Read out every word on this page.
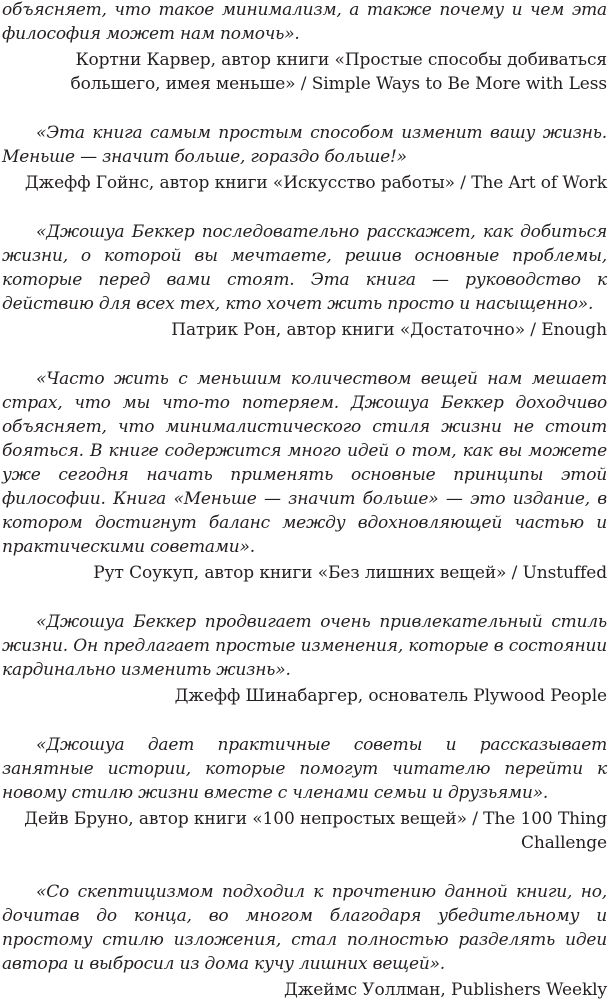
объясняет, что такое минимализм, а также почему и чем эта философия может нам помочь».

Кортни Карвер, автор книги «Простые способы добиваться большего, имея меньше» / Simple Ways to Be More with Less

«Эта книга самым простым способом изменит вашу жизнь. Меньше — значит больше, гораздо больше!»

Джефф Гойнс, автор книги «Искусство работы» / The Art of Work

«Джошуа Беккер последовательно расскажет, как добиться жизни, о которой вы мечтаете, решив основные проблемы, которые перед вами стоят. Эта книга — руководство к действию для всех тех, кто хочет жить просто и насыщенно».

Патрик Рон, автор книги «Достаточно» / Enough

«Часто жить с меньшим количеством вещей нам мешает страх, что мы что-то потеряем. Джошуа Беккер доходчиво объясняет, что минималистического стиля жизни не стоит бояться. В книге содержится много идей о том, как вы можете уже сегодня начать применять основные принципы этой философии. Книга «Меньше — значит больше» — это издание, в котором достигнут баланс между вдохновляющей частью и практическими советами».

Рут Соукуп, автор книги «Без лишних вещей» / Unstuffed

«Джошуа Беккер продвигает очень привлекательный стиль жизни. Он предлагает простые изменения, которые в состоянии кардинально изменить жизнь».

Джефф Шинабаргер, основатель Plywood People

«Джошуа дает практичные советы и рассказывает занятные истории, которые помогут читателю перейти к новому стилю жизни вместе с членами семьи и друзьями».

Дейв Бруно, автор книги «100 непростых вещей» / The 100 Thing Challenge

«Со скептицизмом подходил к прочтению данной книги, но, дочитав до конца, во многом благодаря убедительному и простому стилю изложения, стал полностью разделять идеи автора и выбросил из дома кучу лишних вещей».

Джеймс Уоллман, Publishers Weekly
